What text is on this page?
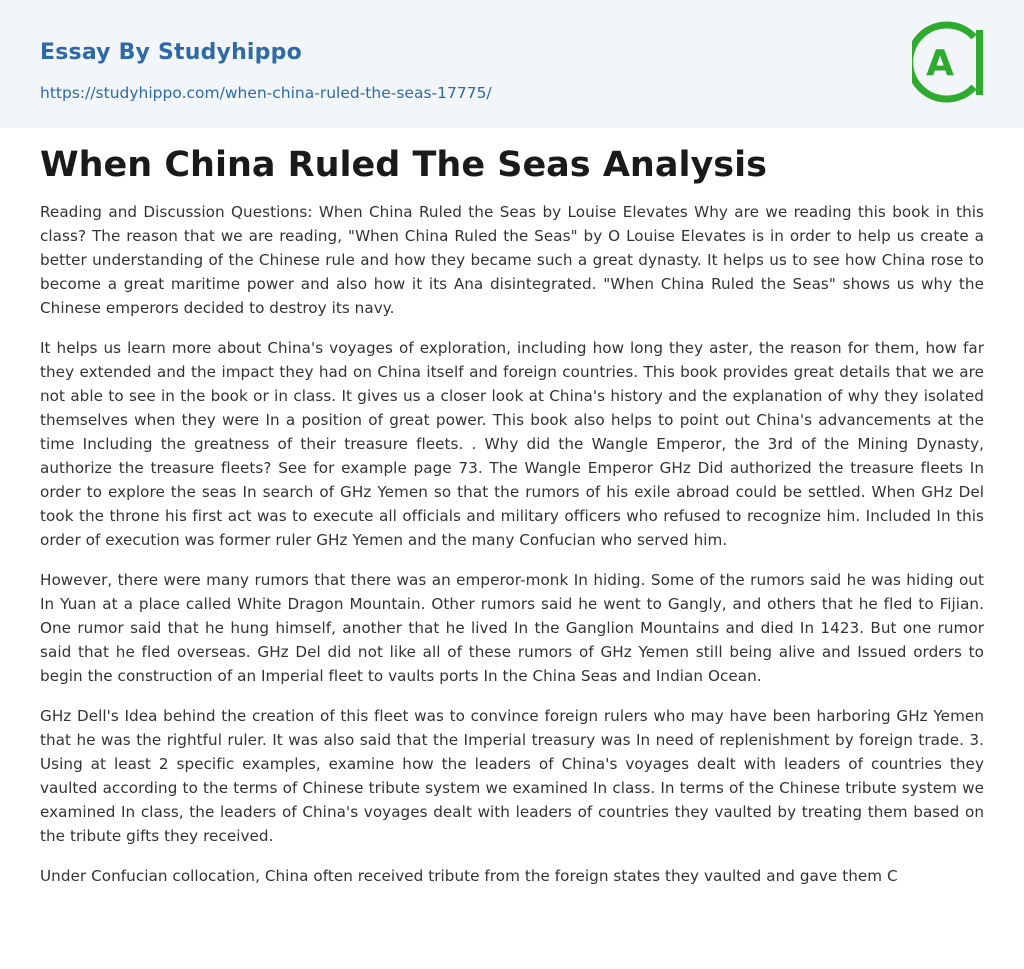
Essay By Studyhippo
https://studyhippo.com/when-china-ruled-the-seas-17775/
A
When China Ruled The Seas Analysis

Reading and Discussion Questions: When China Ruled the Seas by Louise Elevates Why are we reading this book in this class? The reason that we are reading, "When China Ruled the Seas" by O Louise Elevates is in order to help us create a better understanding of the Chinese rule and how they became such a great dynasty. It helps us to see how China rose to become a great maritime power and also how it its Ana disintegrated. "When China Ruled the Seas" shows us why the Chinese emperors decided to destroy its navy.

It helps us learn more about China's voyages of exploration, including how long they aster, the reason for them, how far they extended and the impact they had on China itself and foreign countries. This book provides great details that we are not able to see in the book or in class. It gives us a closer look at China's history and the explanation of why they isolated themselves when they were In a position of great power. This book also helps to point out China's advancements at the time Including the greatness of their treasure fleets. . Why did the Wangle Emperor, the 3rd of the Mining Dynasty, authorize the treasure fleets? See for example page 73. The Wangle Emperor GHz Did authorized the treasure fleets In order to explore the seas In search of GHz Yemen so that the rumors of his exile abroad could be settled. When GHz Del took the throne his first act was to execute all officials and military officers who refused to recognize him. Included In this order of execution was former ruler GHz Yemen and the many Confucian who served him.

However, there were many rumors that there was an emperor-monk In hiding. Some of the rumors said he was hiding out In Yuan at a place called White Dragon Mountain. Other rumors said he went to Gangly, and others that he fled to Fijian. One rumor said that he hung himself, another that he lived In the Ganglion Mountains and died In 1423. But one rumor said that he fled overseas. GHz Del did not like all of these rumors of GHz Yemen still being alive and Issued orders to begin the construction of an Imperial fleet to vaults ports In the China Seas and Indian Ocean.

GHz Dell's Idea behind the creation of this fleet was to convince foreign rulers who may have been harboring GHz Yemen that he was the rightful ruler. It was also said that the Imperial treasury was In need of replenishment by foreign trade. 3. Using at least 2 specific examples, examine how the leaders of China's voyages dealt with leaders of countries they vaulted according to the terms of Chinese tribute system we examined In class. In terms of the Chinese tribute system we examined In class, the leaders of China's voyages dealt with leaders of countries they vaulted by treating them based on the tribute gifts they received.

Under Confucian collocation, China often received tribute from the foreign states they vaulted and gave them C
